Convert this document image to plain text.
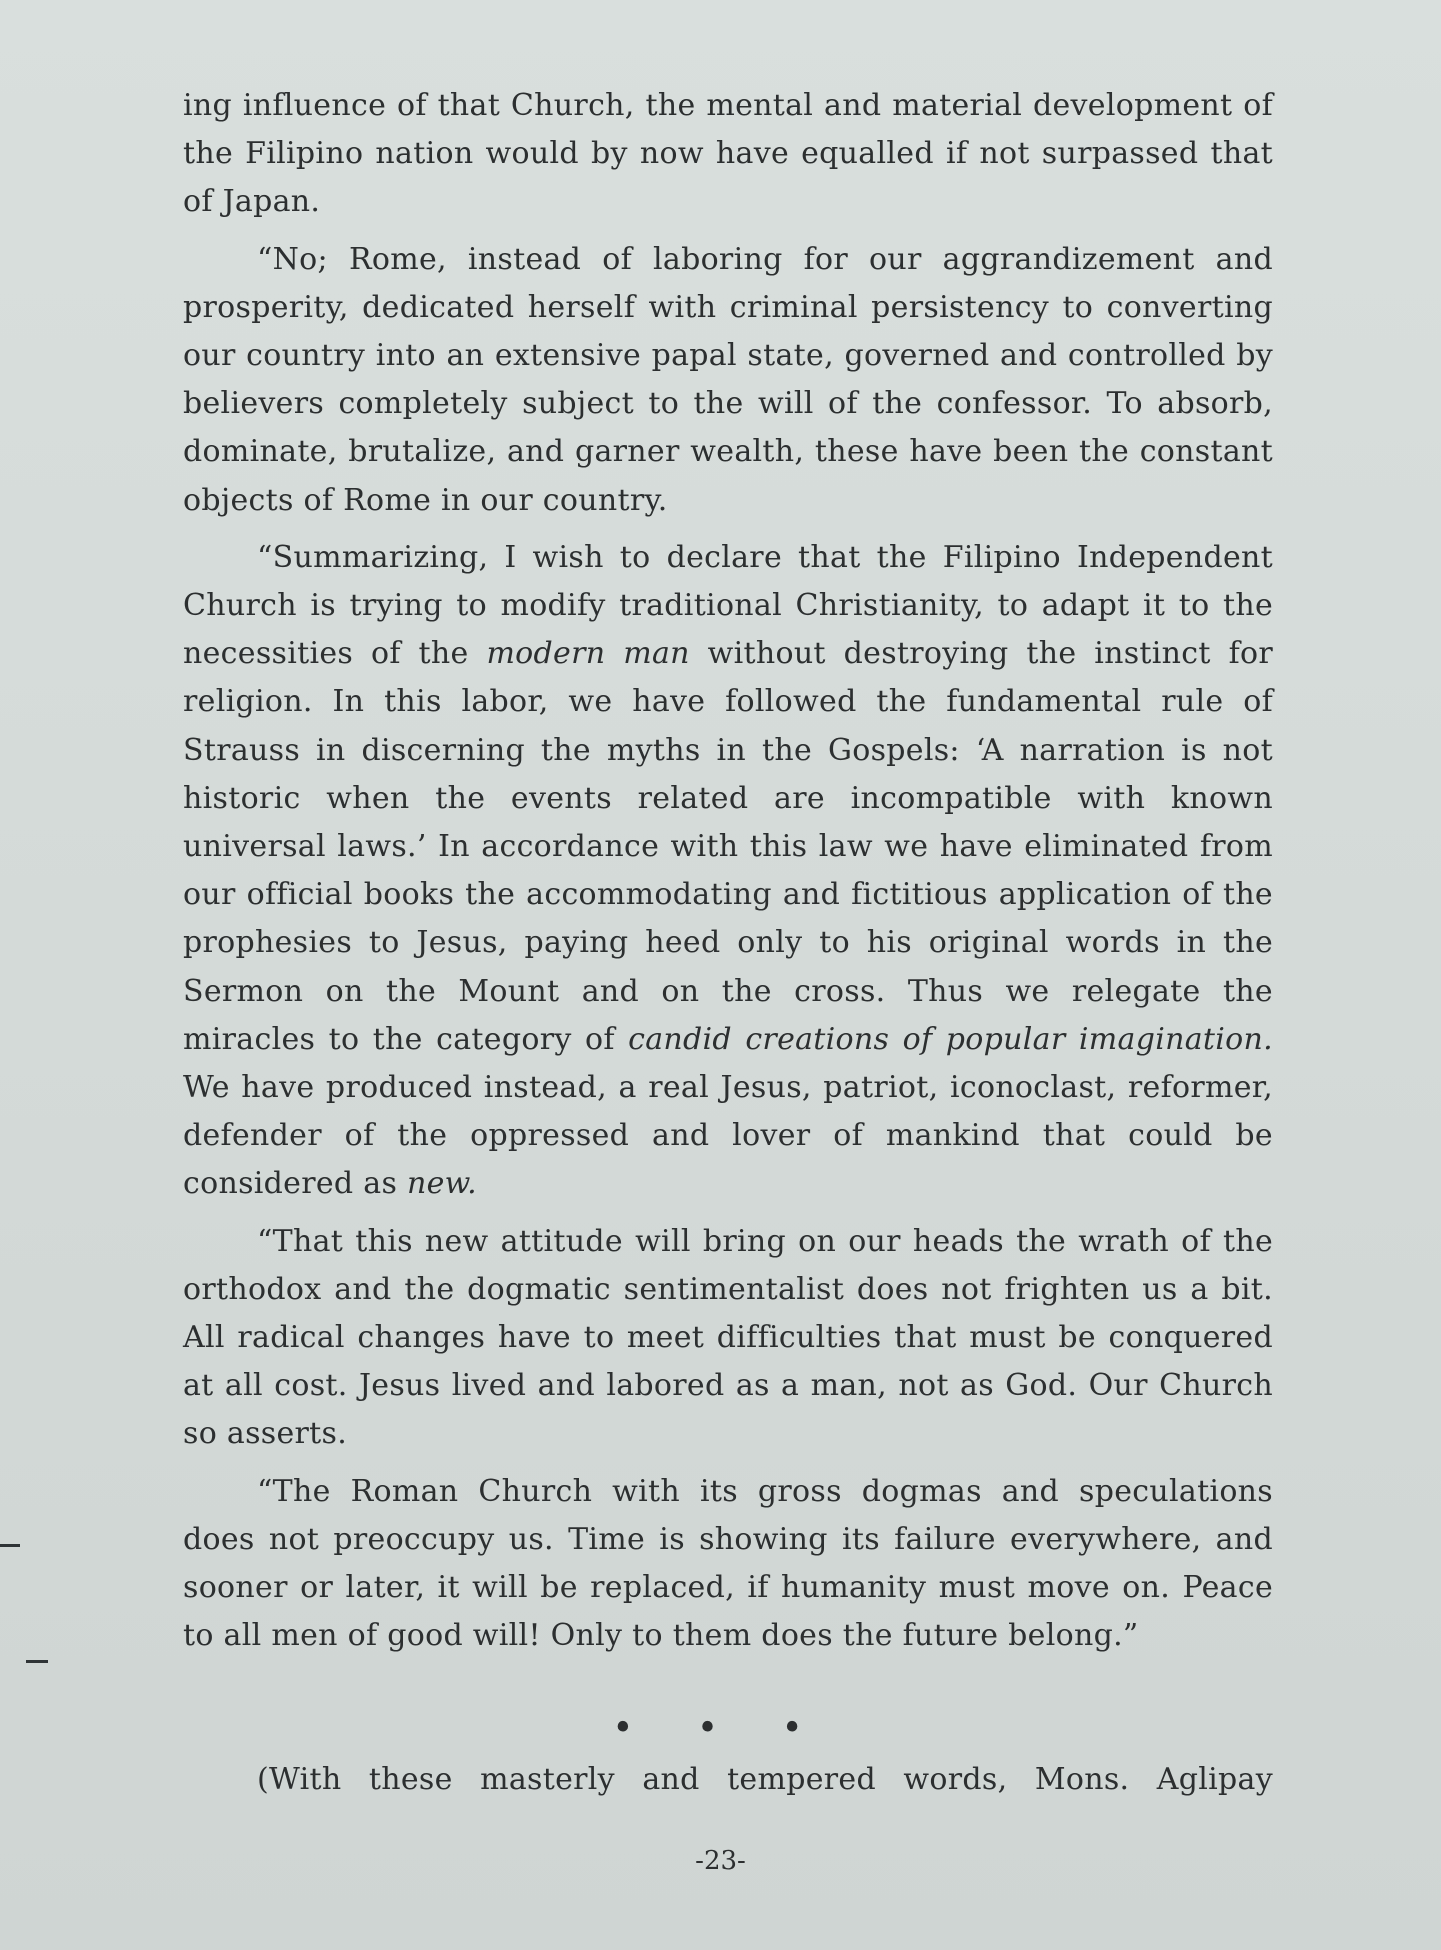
ing influence of that Church, the mental and material development of the Filipino nation would by now have equalled if not surpassed that of Japan.

“No; Rome, instead of laboring for our aggrandizement and prosperity, dedicated herself with criminal persistency to converting our country into an extensive papal state, governed and controlled by believers completely subject to the will of the confessor. To absorb, dominate, brutalize, and garner wealth, these have been the constant objects of Rome in our country.

“Summarizing, I wish to declare that the Filipino Independent Church is trying to modify traditional Christianity, to adapt it to the necessities of the modern man without destroying the instinct for religion. In this labor, we have followed the fundamental rule of Strauss in discerning the myths in the Gospels: ‘A narration is not historic when the events related are incompatible with known universal laws.’ In accordance with this law we have eliminated from our official books the accommodating and fictitious application of the prophesies to Jesus, paying heed only to his original words in the Sermon on the Mount and on the cross. Thus we relegate the miracles to the category of candid creations of popular imagination. We have produced instead, a real Jesus, patriot, iconoclast, reformer, defender of the oppressed and lover of mankind that could be considered as new.

“That this new attitude will bring on our heads the wrath of the orthodox and the dogmatic sentimentalist does not frighten us a bit. All radical changes have to meet difficulties that must be conquered at all cost. Jesus lived and labored as a man, not as God. Our Church so asserts.

“The Roman Church with its gross dogmas and speculations does not preoccupy us. Time is showing its failure everywhere, and sooner or later, it will be replaced, if humanity must move on. Peace to all men of good will! Only to them does the future belong.”

• • •
(With these masterly and tempered words, Mons. Aglipay
-23-
